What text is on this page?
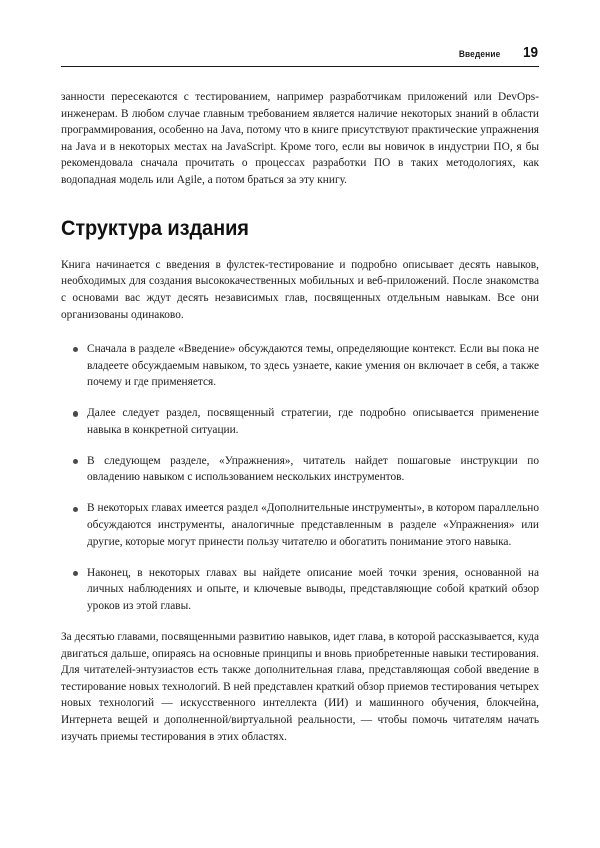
Введение 19

занности пересекаются с тестированием, например разработчикам приложений или DevOps-инженерам. В любом случае главным требованием является наличие некоторых знаний в области программирования, особенно на Java, потому что в книге присутствуют практические упражнения на Java и в некоторых местах на JavaScript. Кроме того, если вы новичок в индустрии ПО, я бы рекомендовала сначала прочитать о процессах разработки ПО в таких методологиях, как водопадная модель или Agile, а потом браться за эту книгу.

Структура издания

Книга начинается с введения в фулстек-тестирование и подробно описывает десять навыков, необходимых для создания высококачественных мобильных и веб-приложений. После знакомства с основами вас ждут десять независимых глав, посвященных отдельным навыкам. Все они организованы одинаково.

Сначала в разделе «Введение» обсуждаются темы, определяющие контекст. Если вы пока не владеете обсуждаемым навыком, то здесь узнаете, какие умения он включает в себя, а также почему и где применяется.
Далее следует раздел, посвященный стратегии, где подробно описывается применение навыка в конкретной ситуации.
В следующем разделе, «Упражнения», читатель найдет пошаговые инструкции по овладению навыком с использованием нескольких инструментов.
В некоторых главах имеется раздел «Дополнительные инструменты», в котором параллельно обсуждаются инструменты, аналогичные представленным в разделе «Упражнения» или другие, которые могут принести пользу читателю и обогатить понимание этого навыка.
Наконец, в некоторых главах вы найдете описание моей точки зрения, основанной на личных наблюдениях и опыте, и ключевые выводы, представляющие собой краткий обзор уроков из этой главы.

За десятью главами, посвященными развитию навыков, идет глава, в которой рассказывается, куда двигаться дальше, опираясь на основные принципы и вновь приобретенные навыки тестирования. Для читателей-энтузиастов есть также дополнительная глава, представляющая собой введение в тестирование новых технологий. В ней представлен краткий обзор приемов тестирования четырех новых технологий — искусственного интеллекта (ИИ) и машинного обучения, блокчейна, Интернета вещей и дополненной/виртуальной реальности, — чтобы помочь читателям начать изучать приемы тестирования в этих областях.
